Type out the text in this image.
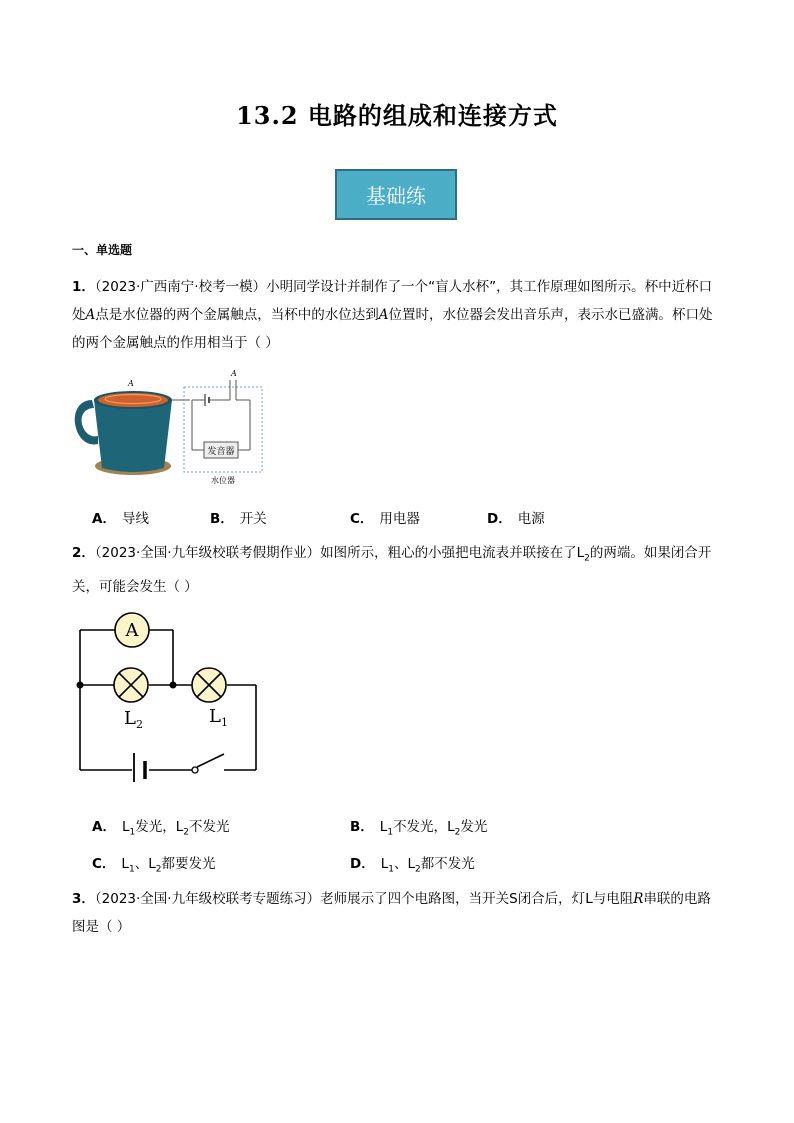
13.2 电路的组成和连接方式
基础练
一、单选题
1．（2023·广西南宁·校考一模）小明同学设计并制作了一个“盲人水杯”，其工作原理如图所示。杯中近杯口处A点是水位器的两个金属触点，当杯中的水位达到A位置时，水位器会发出音乐声，表示水已盛满。杯口处的两个金属触点的作用相当于（ ）
A
A
发音器
水位器
A． 导线	B． 开关	C． 用电器	D． 电源
2．（2023·全国·九年级校联考假期作业）如图所示，粗心的小强把电流表并联接在了$L_2$的两端。如果闭合开关，可能会发生（ ）
A
$L_2$	$L_1$
A． $L_1$发光，$L_2$不发光	B． $L_1$不发光，$L_2$发光
C． $L_1$、$L_2$都要发光	D． $L_1$、$L_2$都不发光
3．（2023·全国·九年级校联考专题练习）老师展示了四个电路图，当开关S闭合后，灯L与电阻R串联的电路图是（ ）
